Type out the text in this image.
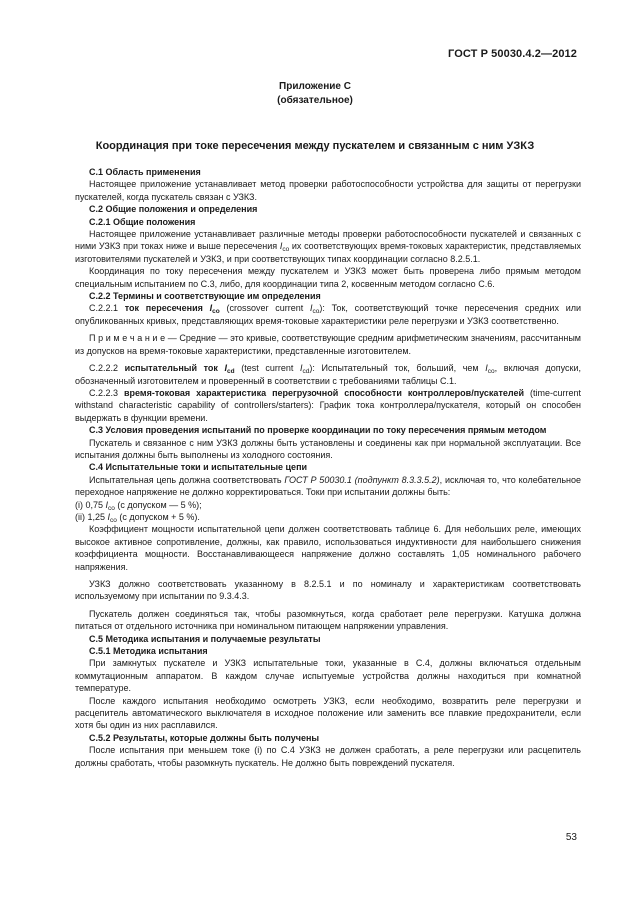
ГОСТ Р 50030.4.2—2012
Приложение С
(обязательное)
Координация при токе пересечения между пускателем и связанным с ним УЗКЗ

С.1 Область применения

Настоящее приложение устанавливает метод проверки работоспособности устройства для защиты от перегрузки пускателей, когда пускатель связан с УЗКЗ.

С.2 Общие положения и определения

С.2.1 Общие положения

Настоящее приложение устанавливает различные методы проверки работоспособности пускателей и связанных с ними УЗКЗ при токах ниже и выше пересечения $I_{co}$ их соответствующих время-токовых характеристик, представляемых изготовителями пускателей и УЗКЗ, и при соответствующих типах координации согласно 8.2.5.1.

Координация по току пересечения между пускателем и УЗКЗ может быть проверена либо прямым методом специальным испытанием по С.3, либо, для координации типа 2, косвенным методом согласно С.6.

С.2.2 Термины и соответствующие им определения

С.2.2.1 ток пересечения $I_{co}$ (crossover current $I_{co}$): Ток, соответствующий точке пересечения средних или опубликованных кривых, представляющих время-токовые характеристики реле перегрузки и УЗКЗ соответственно.

П р и м е ч а н и е — Средние — это кривые, соответствующие средним арифметическим значениям, рассчитанным из допусков на время-токовые характеристики, представленные изготовителем.

С.2.2.2 испытательный ток $I_{cd}$ (test current $I_{cd}$): Испытательный ток, больший, чем $I_{co}$, включая допуски, обозначенный изготовителем и проверенный в соответствии с требованиями таблицы С.1.

С.2.2.3 время-токовая характеристика перегрузочной способности контроллеров/пускателей (time-current withstand characteristic capability of controllers/starters): График тока контроллера/пускателя, который он способен выдержать в функции времени.

С.3 Условия проведения испытаний по проверке координации по току пересечения прямым методом

Пускатель и связанное с ним УЗКЗ должны быть установлены и соединены как при нормальной эксплуатации. Все испытания должны быть выполнены из холодного состояния.

С.4 Испытательные токи и испытательные цепи

Испытательная цепь должна соответствовать ГОСТ Р 50030.1 (подпункт 8.3.3.5.2), исключая то, что колебательное переходное напряжение не должно корректироваться. Токи при испытании должны быть:

(i) 0,75 $I_{co}$ (с допуском — 5 %);

(ii) 1,25 $I_{co}$ (с допуском + 5 %).

Коэффициент мощности испытательной цепи должен соответствовать таблице 6. Для небольших реле, имеющих высокое активное сопротивление, должны, как правило, использоваться индуктивности для наибольшего снижения коэффициента мощности. Восстанавливающееся напряжение должно составлять 1,05 номинального рабочего напряжения.

УЗКЗ должно соответствовать указанному в 8.2.5.1 и по номиналу и характеристикам соответствовать используемому при испытании по 9.3.4.3.

Пускатель должен соединяться так, чтобы разомкнуться, когда сработает реле перегрузки. Катушка должна питаться от отдельного источника при номинальном питающем напряжении управления.

С.5 Методика испытания и получаемые результаты

С.5.1 Методика испытания

При замкнутых пускателе и УЗКЗ испытательные токи, указанные в С.4, должны включаться отдельным коммутационным аппаратом. В каждом случае испытуемые устройства должны находиться при комнатной температуре.

После каждого испытания необходимо осмотреть УЗКЗ, если необходимо, возвратить реле перегрузки и расцепитель автоматического выключателя в исходное положение или заменить все плавкие предохранители, если хотя бы один из них расплавился.

С.5.2 Результаты, которые должны быть получены

После испытания при меньшем токе (i) по С.4 УЗКЗ не должен сработать, а реле перегрузки или расцепитель должны сработать, чтобы разомкнуть пускатель. Не должно быть повреждений пускателя.

53
